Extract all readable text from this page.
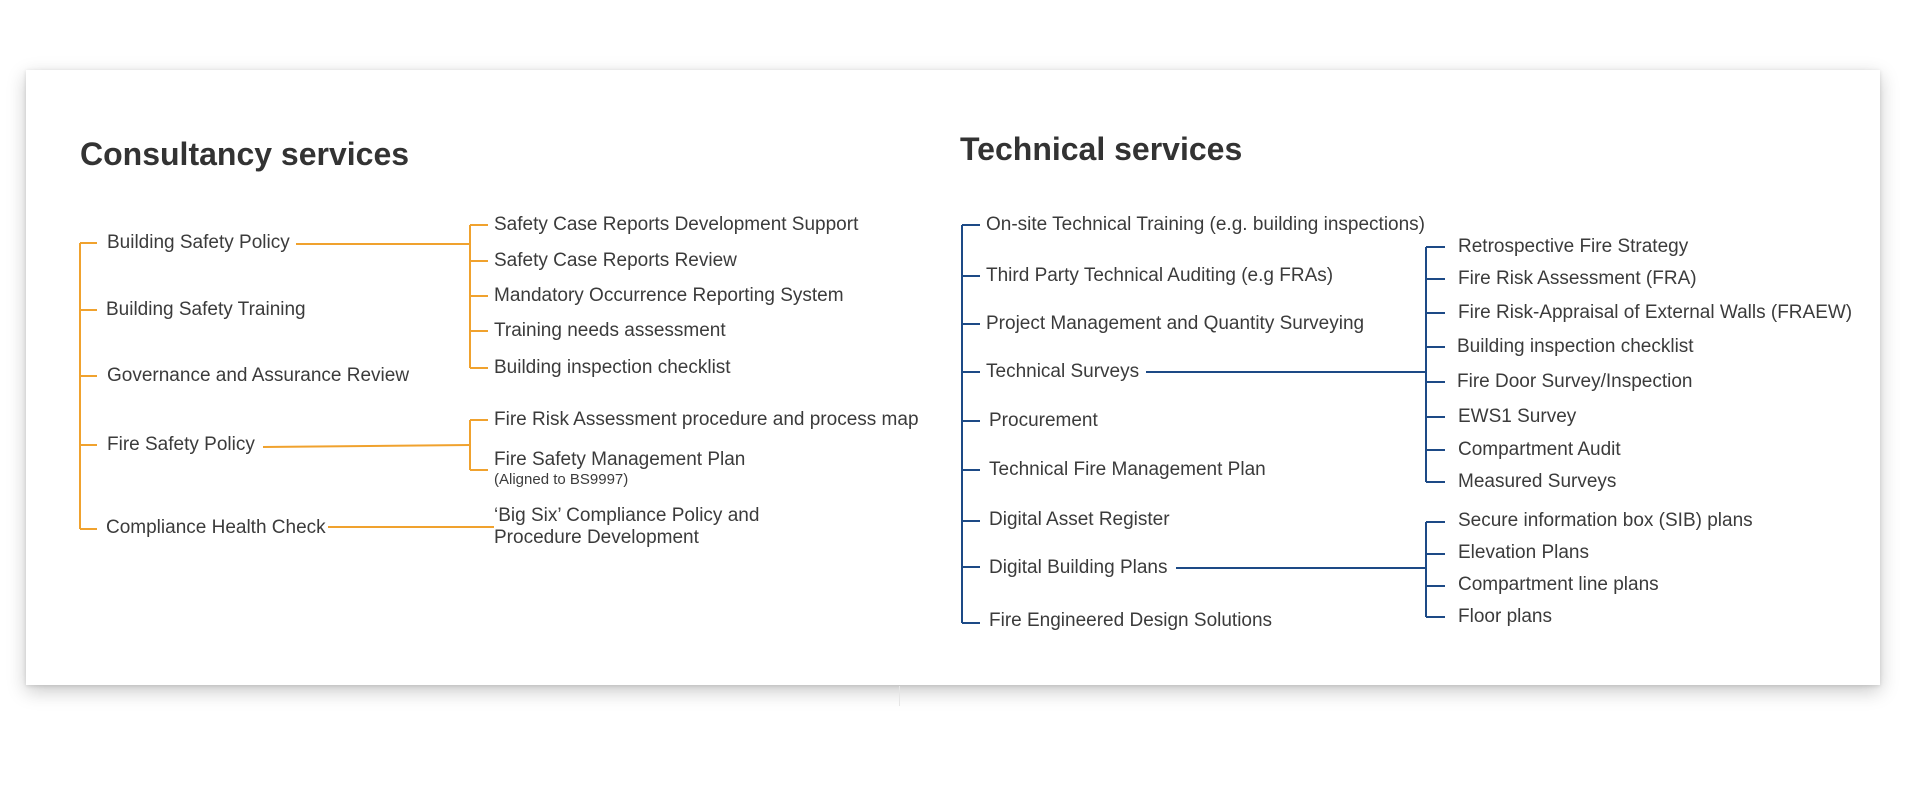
Consultancy services
Building Safety Policy
Building Safety Training
Governance and Assurance Review
Fire Safety Policy
Compliance Health Check
Safety Case Reports Development Support
Safety Case Reports Review
Mandatory Occurrence Reporting System
Training needs assessment
Building inspection checklist
Fire Risk Assessment procedure and process map
Fire Safety Management Plan
(Aligned to BS9997)
‘Big Six’ Compliance Policy and
Procedure Development
Technical services
On-site Technical Training (e.g. building inspections)
Third Party Technical Auditing (e.g FRAs)
Project Management and Quantity Surveying
Technical Surveys
Procurement
Technical Fire Management Plan
Digital Asset Register
Digital Building Plans
Fire Engineered Design Solutions
Retrospective Fire Strategy
Fire Risk Assessment (FRA)
Fire Risk-Appraisal of External Walls (FRAEW)
Building inspection checklist
Fire Door Survey/Inspection
EWS1 Survey
Compartment Audit
Measured Surveys
Secure information box (SIB) plans
Elevation Plans
Compartment line plans
Floor plans
